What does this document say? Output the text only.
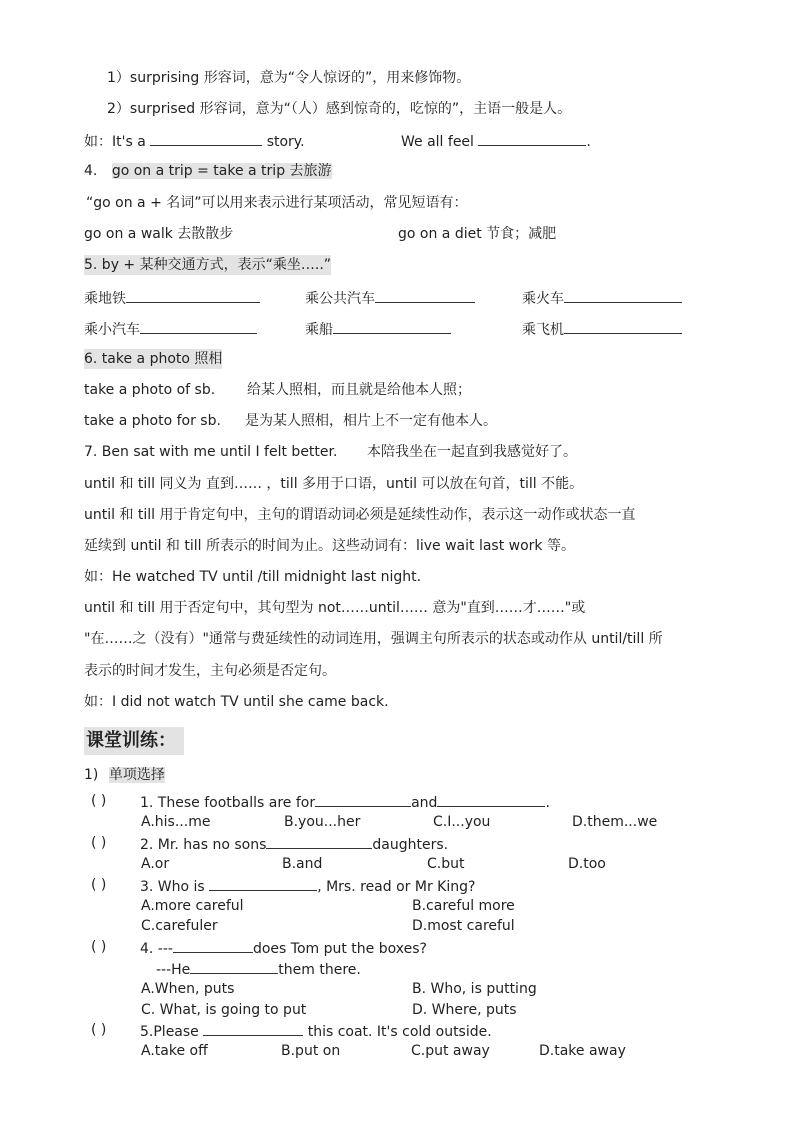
1）surprising 形容词，意为“令人惊讶的”，用来修饰物。
2）surprised 形容词，意为“（人）感到惊奇的，吃惊的”，主语一般是人。
如：It's a	story.	We all feel	.
4. go on a trip = take a trip 去旅游
“go on a + 名词”可以用来表示进行某项活动，常见短语有：
go on a walk 去散散步	go on a diet 节食；减肥
5. by + 某种交通方式，表示“乘坐…..”
乘地铁	乘公共汽车	乘火车
乘小汽车	乘船	乘飞机
6. take a photo 照相
take a photo of sb. 给某人照相，而且就是给他本人照；
take a photo for sb. 是为某人照相，相片上不一定有他本人。
7. Ben sat with me until I felt better. 本陪我坐在一起直到我感觉好了。
until 和 till 同义为 直到…… ，till 多用于口语，until 可以放在句首，till 不能。
until 和 till 用于肯定句中，主句的谓语动词必须是延续性动作，表示这一动作或状态一直
延续到 until 和 till 所表示的时间为止。这些动词有：live wait last work 等。
如：He watched TV until /till midnight last night.
until 和 till 用于否定句中，其句型为 not……until…… 意为"直到……才……"或
"在……之（没有）"通常与费延续性的动词连用，强调主句所表示的状态或动作从 until/till 所
表示的时间才发生，主句必须是否定句。
如：I did not watch TV until she came back.
课堂训练：
1) 单项选择
( ) 1. These footballs are for	and	.
A.his...me	B.you...her	C.I...you	D.them...we
( ) 2. Mr. has no sons	daughters.
A.or	B.and	C.but	D.too
( ) 3. Who is	, Mrs. read or Mr King?
A.more careful	B.careful more
C.carefuler	D.most careful
( ) 4. ---	does Tom put the boxes?
---He	them there.
A.When, puts	B. Who, is putting
C. What, is going to put	D. Where, puts
( ) 5.Please	this coat. It's cold outside.
A.take off	B.put on	C.put away	D.take away
